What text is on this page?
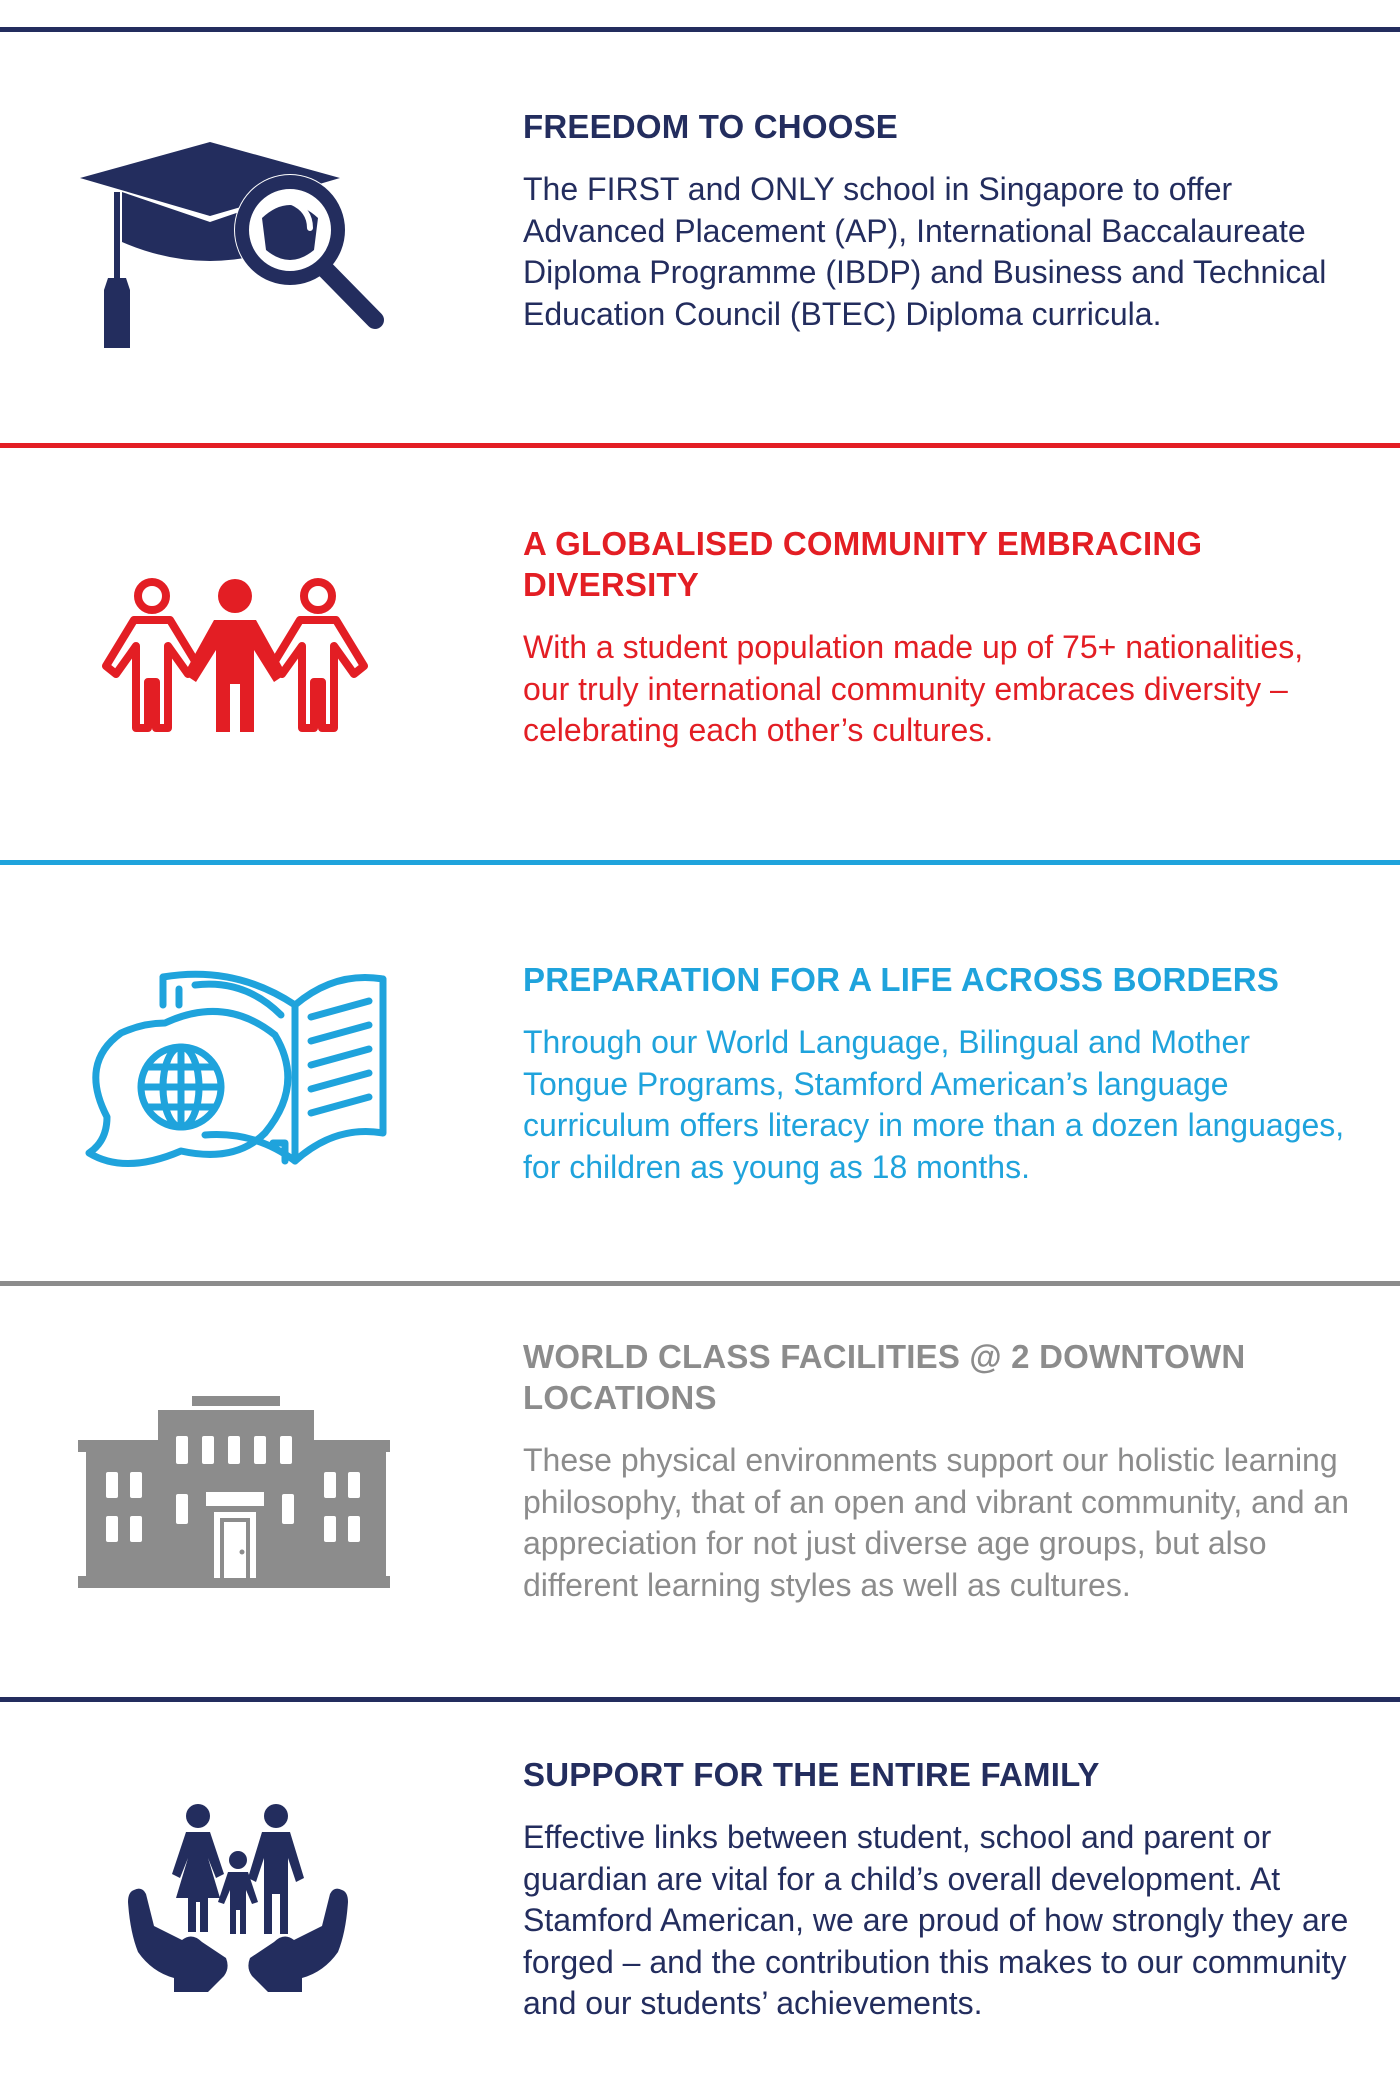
FREEDOM TO CHOOSE

The FIRST and ONLY school in Singapore to offer Advanced Placement (AP), International Baccalaureate Diploma Programme (IBDP) and Business and Technical Education Council (BTEC) Diploma curricula.

A GLOBALISED COMMUNITY EMBRACING DIVERSITY

With a student population made up of 75+ nationalities, our truly international community embraces diversity – celebrating each other’s cultures.

PREPARATION FOR A LIFE ACROSS BORDERS

Through our World Language, Bilingual and Mother Tongue Programs, Stamford American’s language curriculum offers literacy in more than a dozen languages, for children as young as 18 months.

WORLD CLASS FACILITIES @ 2 DOWNTOWN LOCATIONS

These physical environments support our holistic learning philosophy, that of an open and vibrant community, and an appreciation for not just diverse age groups, but also different learning styles as well as cultures.

SUPPORT FOR THE ENTIRE FAMILY

Effective links between student, school and parent or guardian are vital for a child’s overall development. At Stamford American, we are proud of how strongly they are forged – and the contribution this makes to our community and our students’ achievements.
